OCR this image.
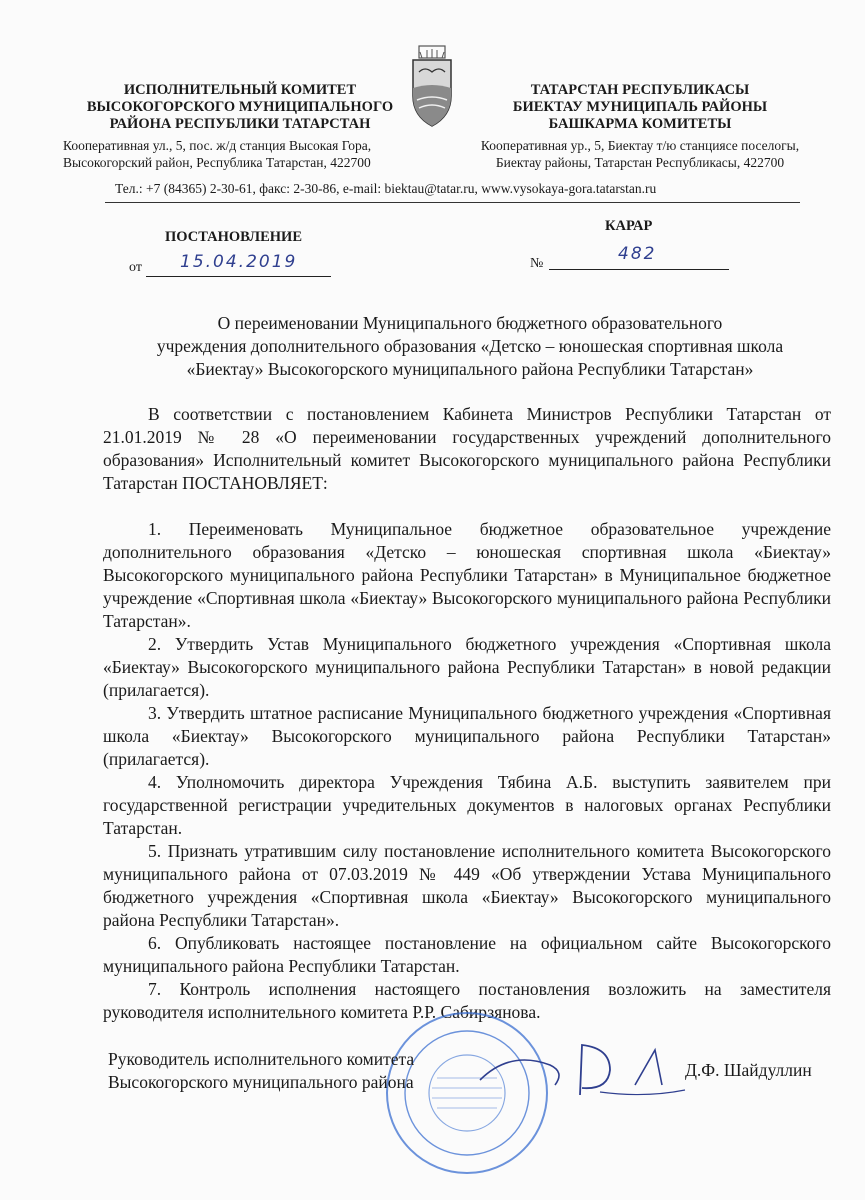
ИСПОЛНИТЕЛЬНЫЙ КОМИТЕТ
ВЫСОКОГОРСКОГО МУНИЦИПАЛЬНОГО
РАЙОНА РЕСПУБЛИКИ ТАТАРСТАН
Кооперативная ул., 5, пос. ж/д станция Высокая Гора,
Высокогорский район, Республика Татарстан, 422700
ТАТАРСТАН РЕСПУБЛИКАСЫ
БИЕКТАУ МУНИЦИПАЛЬ РАЙОНЫ
БАШКАРМА КОМИТЕТЫ
Кооперативная ур., 5, Биектау т/ю станциясе поселогы,
Биектау районы, Татарстан Республикасы, 422700
Тел.: +7 (84365) 2-30-61, факс: 2-30-86, e-mail: biektau@tatar.ru, www.vysokaya-gora.tatarstan.ru
ПОСТАНОВЛЕНИЕ
КАРАР
от 15.04.2019	№	482
О переименовании Муниципального бюджетного образовательного
учреждения дополнительного образования «Детско – юношеская спортивная школа
«Биектау» Высокогорского муниципального района Республики Татарстан»

В соответствии с постановлением Кабинета Министров Республики Татарстан от 21.01.2019 № 28 «О переименовании государственных учреждений дополнительного образования» Исполнительный комитет Высокогорского муниципального района Республики Татарстан ПОСТАНОВЛЯЕТ:

1. Переименовать Муниципальное бюджетное образовательное учреждение дополнительного образования «Детско – юношеская спортивная школа «Биектау» Высокогорского муниципального района Республики Татарстан» в Муниципальное бюджетное учреждение «Спортивная школа «Биектау» Высокогорского муниципального района Республики Татарстан».

2. Утвердить Устав Муниципального бюджетного учреждения «Спортивная школа «Биектау» Высокогорского муниципального района Республики Татарстан» в новой редакции (прилагается).

3. Утвердить штатное расписание Муниципального бюджетного учреждения «Спортивная школа «Биектау» Высокогорского муниципального района Республики Татарстан» (прилагается).

4. Уполномочить директора Учреждения Тябина А.Б. выступить заявителем при государственной регистрации учредительных документов в налоговых органах Республики Татарстан.

5. Признать утратившим силу постановление исполнительного комитета Высокогорского муниципального района от 07.03.2019 № 449 «Об утверждении Устава Муниципального бюджетного учреждения «Спортивная школа «Биектау» Высокогорского муниципального района Республики Татарстан».

6. Опубликовать настоящее постановление на официальном сайте Высокогорского муниципального района Республики Татарстан.

7. Контроль исполнения настоящего постановления возложить на заместителя руководителя исполнительного комитета Р.Р. Сабирзянова.

Руководитель исполнительного комитета
Высокогорского муниципального района
Д.Ф. Шайдуллин
